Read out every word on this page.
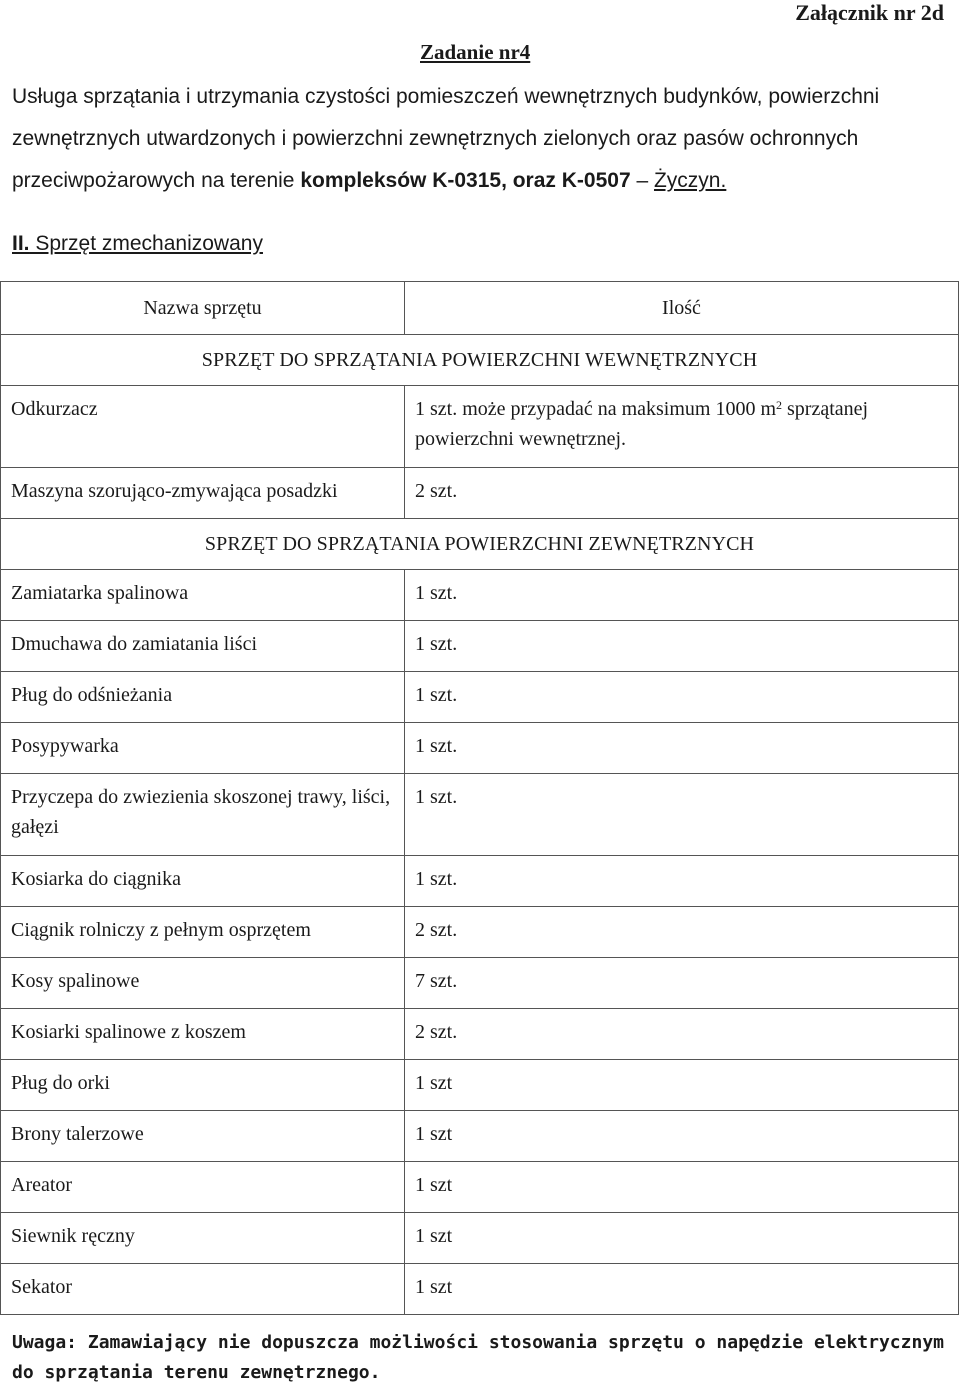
Załącznik nr 2d
Zadanie nr4
Usługa sprzątania i utrzymania czystości pomieszczeń wewnętrznych budynków, powierzchni zewnętrznych utwardzonych i powierzchni zewnętrznych zielonych oraz pasów ochronnych przeciwpożarowych na terenie kompleksów K-0315, oraz K-0507 – Życzyn.
II. Sprzęt zmechanizowany
Nazwa sprzętu	Ilość
SPRZĘT DO SPRZĄTANIA POWIERZCHNI WEWNĘTRZNYCH	
Odkurzacz	1 szt. może przypadać na maksimum 1000 $m^2$ sprzątanej powierzchni wewnętrznej.
Maszyna szorująco-zmywająca posadzki	2 szt.
SPRZĘT DO SPRZĄTANIA POWIERZCHNI ZEWNĘTRZNYCH	
Zamiatarka spalinowa	1 szt.
Dmuchawa do zamiatania liści	1 szt.
Pług do odśnieżania	1 szt.
Posypywarka	1 szt.
Przyczepa do zwiezienia skoszonej trawy, liści, gałęzi	1 szt.
Kosiarka do ciągnika	1 szt.
Ciągnik rolniczy z pełnym osprzętem	2 szt.
Kosy spalinowe	7 szt.
Kosiarki spalinowe z koszem	2 szt.
Pług do orki	1 szt
Brony talerzowe	1 szt
Areator	1 szt
Siewnik ręczny	1 szt
Sekator	1 szt
Uwaga: Zamawiający nie dopuszcza możliwości stosowania sprzętu o napędzie elektrycznym do sprzątania terenu zewnętrznego.
